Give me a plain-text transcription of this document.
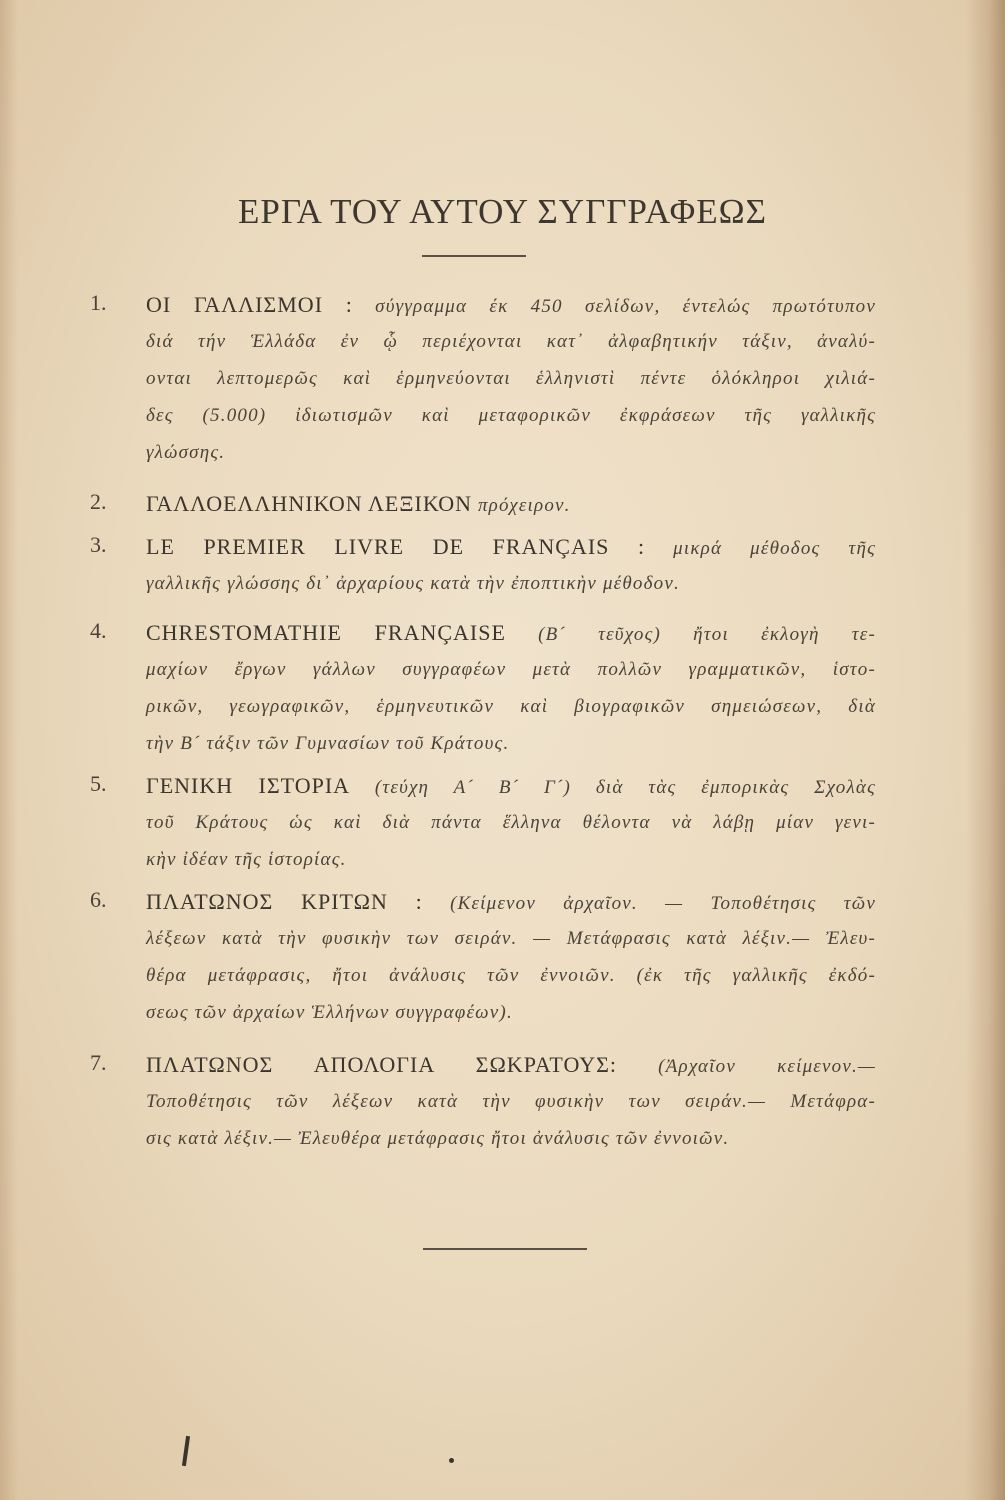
ΕΡΓΑ ΤΟΥ ΑΥΤΟΥ ΣΥΓΓΡΑΦΕΩΣ
1. ΟΙ ΓΑΛΛΙΣΜΟΙ : σύγγραμμα έκ 450 σελίδων, έντελώς πρωτότυπον
διά τήν Ἑλλάδα ἐν ᾧ περιέχονται κατ᾿ ἀλφαβητικήν τάξιν, ἀναλύ-
ονται λεπτομερῶς καὶ ἑρμηνεύονται ἑλληνιστὶ πέντε ὁλόκληροι χιλιά-
δες (5.000) ἰδιωτισμῶν καὶ μεταφορικῶν ἐκφράσεων τῆς γαλλικῆς
γλώσσης.
2. ΓΑΛΛΟΕΛΛΗΝΙΚΟΝ ΛΕΞΙΚΟΝ πρόχειρον.
3. LE PREMIER LIVRE DE FRANÇAIS : μικρά μέθοδος τῆς
γαλλικῆς γλώσσης δι᾿ ἀρχαρίους κατὰ τὴν ἐποπτικὴν μέθοδον.
4. CHRESTOMATHIE FRANÇAISE (Β´ τεῦχος) ἤτοι ἐκλογὴ τε-
μαχίων ἔργων γάλλων συγγραφέων μετὰ πολλῶν γραμματικῶν, ἱστο-
ρικῶν, γεωγραφικῶν, ἑρμηνευτικῶν καὶ βιογραφικῶν σημειώσεων, διὰ
τὴν Β´ τάξιν τῶν Γυμνασίων τοῦ Κράτους.
5. ΓΕΝΙΚΗ ΙΣΤΟΡΙΑ (τεύχη Α´ Β´ Γ´) διὰ τὰς ἐμπορικὰς Σχολὰς
τοῦ Κράτους ὡς καὶ διὰ πάντα ἕλληνα θέλοντα νὰ λάβῃ μίαν γενι-
κὴν ἰδέαν τῆς ἱστορίας.
6. ΠΛΑΤΩΝΟΣ ΚΡΙΤΩΝ : (Κείμενον ἀρχαῖον. — Τοποθέτησις τῶν
λέξεων κατὰ τὴν φυσικὴν των σειράν. — Μετάφρασις κατὰ λέξιν.— Ἐλευ-
θέρα μετάφρασις, ἤτοι ἀνάλυσις τῶν ἐννοιῶν. (ἐκ τῆς γαλλικῆς ἐκδό-
σεως τῶν ἀρχαίων Ἑλλήνων συγγραφέων).
7. ΠΛΑΤΩΝΟΣ ΑΠΟΛΟΓΙΑ ΣΩΚΡΑΤΟΥΣ: (Ἀρχαῖον κείμενον.—
Τοποθέτησις τῶν λέξεων κατὰ τὴν φυσικὴν των σειράν.— Μετάφρα-
σις κατὰ λέξιν.— Ἐλευθέρα μετάφρασις ἤτοι ἀνάλυσις τῶν ἐννοιῶν.
